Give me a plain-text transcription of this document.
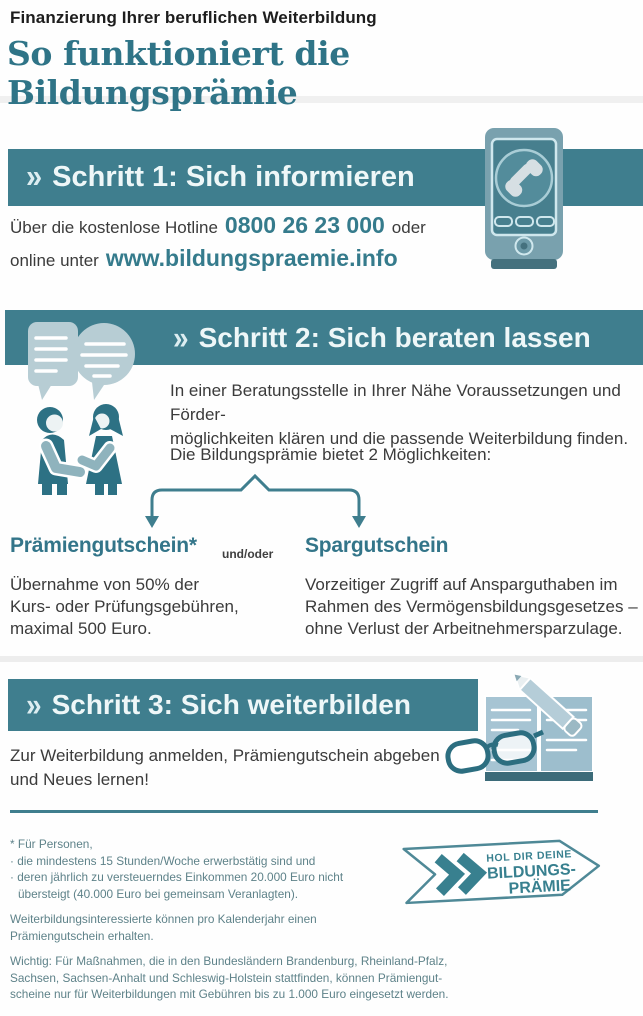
Finanzierung Ihrer beruflichen Weiterbildung
So funktioniert die Bildungsprämie
» Schritt 1: Sich informieren
Über die kostenlose Hotline 0800 26 23 000 oder
online unter www.bildungspraemie.info
» Schritt 2: Sich beraten lassen
In einer Beratungsstelle in Ihrer Nähe Voraussetzungen und Förder-
möglichkeiten klären und die passende Weiterbildung finden.
Die Bildungsprämie bietet 2 Möglichkeiten:
Prämiengutschein* und/oder Spargutschein
Übernahme von 50% der
Kurs- oder Prüfungsgebühren,
maximal 500 Euro.
Vorzeitiger Zugriff auf Ansparguthaben im
Rahmen des Vermögensbildungsgesetzes –
ohne Verlust der Arbeitnehmersparzulage.
» Schritt 3: Sich weiterbilden
Zur Weiterbildung anmelden, Prämiengutschein abgeben
und Neues lernen!
* Für Personen,
· die mindestens 15 Stunden/Woche erwerbstätig sind und
· deren jährlich zu versteuerndes Einkommen 20.000 Euro nicht
übersteigt (40.000 Euro bei gemeinsam Veranlagten).
Weiterbildungsinteressierte können pro Kalenderjahr einen
Prämiengutschein erhalten.
Wichtig: Für Maßnahmen, die in den Bundesländern Brandenburg, Rheinland-Pfalz,
Sachsen, Sachsen-Anhalt und Schleswig-Holstein stattfinden, können Prämiengut-
scheine nur für Weiterbildungen mit Gebühren bis zu 1.000 Euro eingesetzt werden.
HOL DIR DEINE
BILDUNGS-
PRÄMIE
